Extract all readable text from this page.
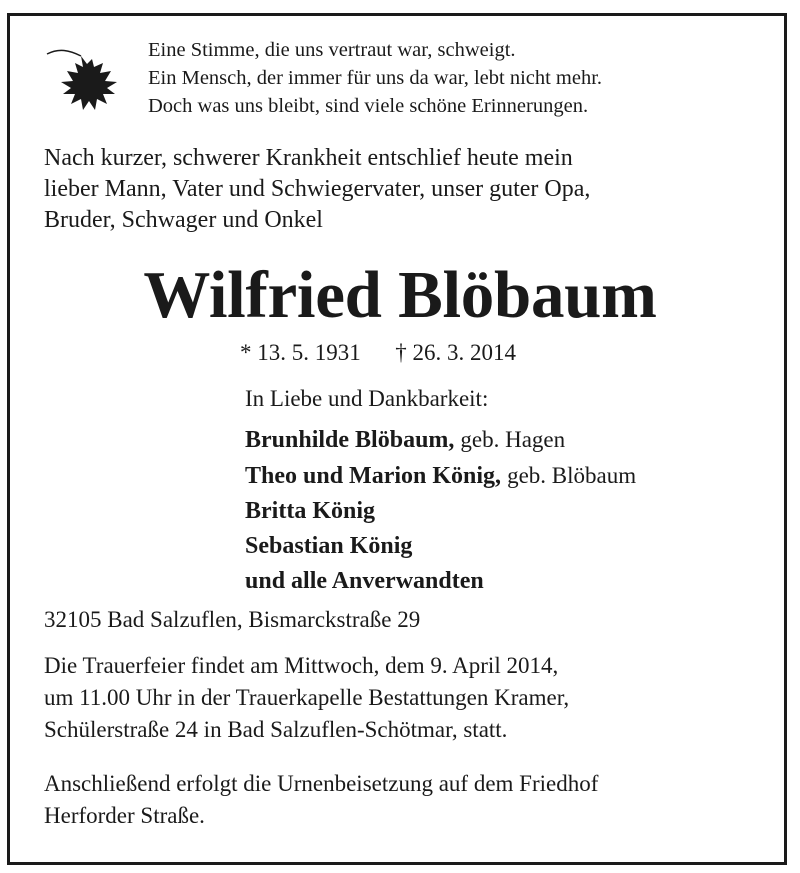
Eine Stimme, die uns vertraut war, schweigt.
Ein Mensch, der immer für uns da war, lebt nicht mehr.
Doch was uns bleibt, sind viele schöne Erinnerungen.
Nach kurzer, schwerer Krankheit entschlief heute mein
lieber Mann, Vater und Schwiegervater, unser guter Opa,
Bruder, Schwager und Onkel
Wilfried Blöbaum
* 13. 5. 1931      † 26. 3. 2014
In Liebe und Dankbarkeit:
Brunhilde Blöbaum, geb. Hagen
Theo und Marion König, geb. Blöbaum
Britta König
Sebastian König
und alle Anverwandten
32105 Bad Salzuflen, Bismarckstraße 29
Die Trauerfeier findet am Mittwoch, dem 9. April 2014,
um 11.00 Uhr in der Trauerkapelle Bestattungen Kramer,
Schülerstraße 24 in Bad Salzuflen-Schötmar, statt.
Anschließend erfolgt die Urnenbeisetzung auf dem Friedhof
Herforder Straße.
